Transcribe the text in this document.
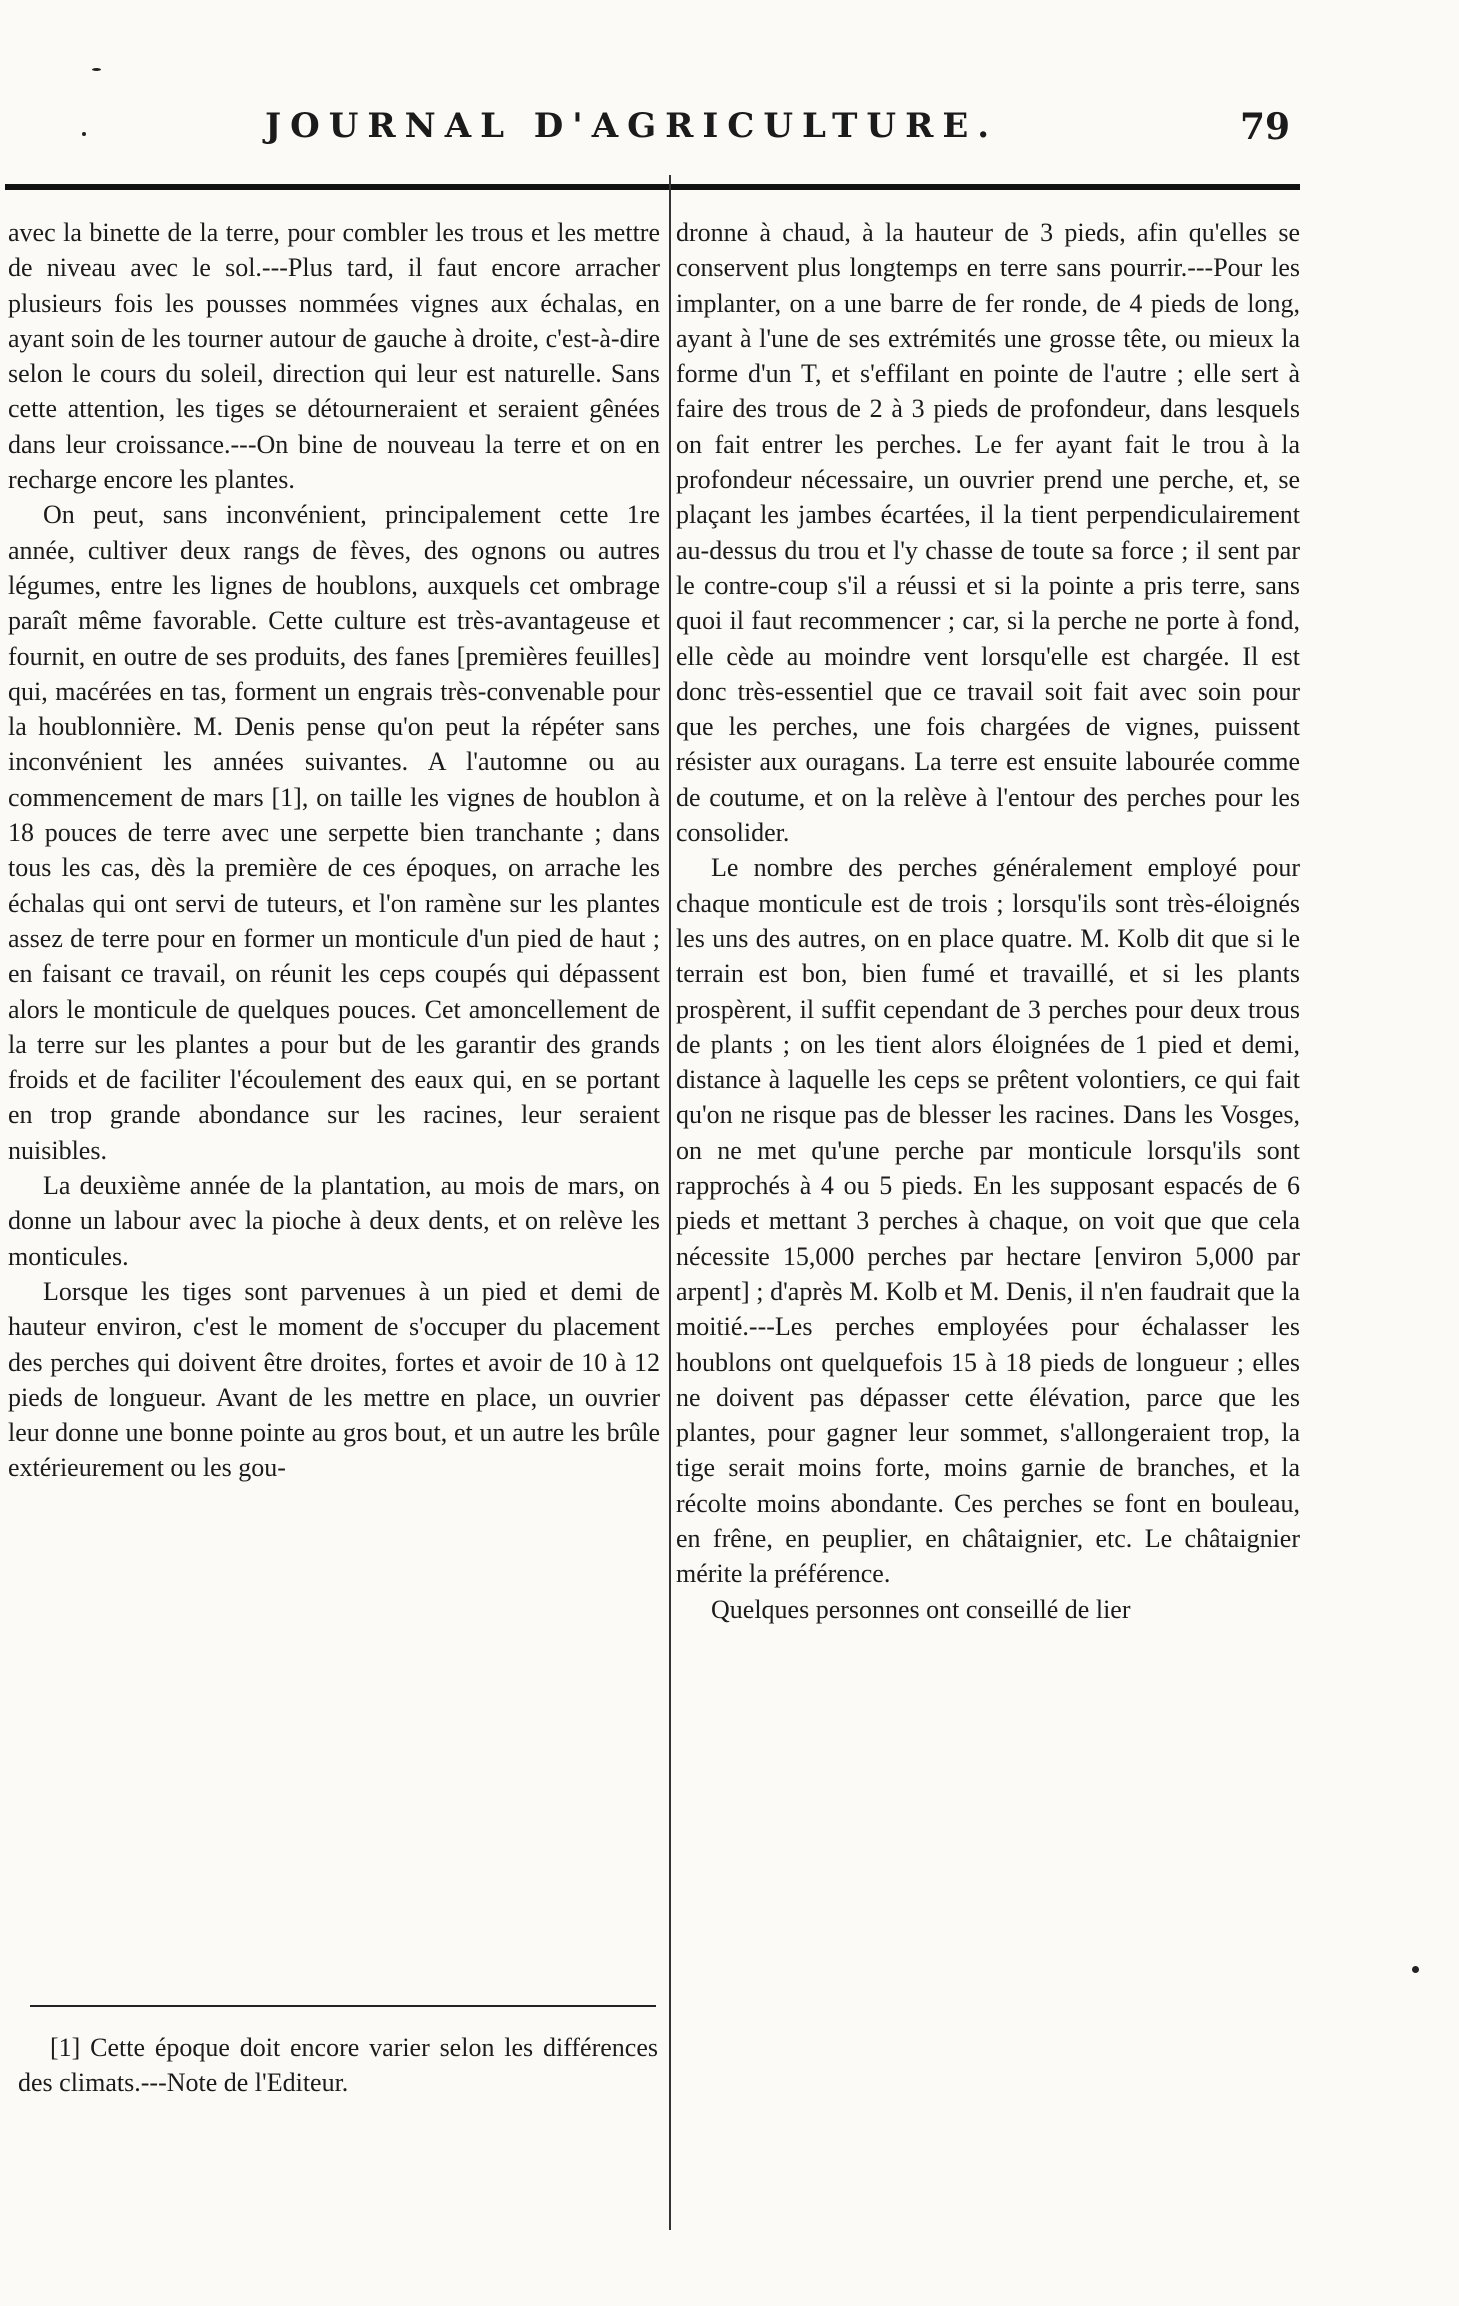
JOURNAL D'AGRICULTURE.	79

avec la binette de la terre, pour combler les trous et les mettre de niveau avec le sol.---Plus tard, il faut encore arracher plusieurs fois les pousses nommées vignes aux échalas, en ayant soin de les tourner autour de gauche à droite, c'est-à-dire selon le cours du soleil, direction qui leur est naturelle. Sans cette attention, les tiges se détourneraient et seraient gênées dans leur croissance.---On bine de nouveau la terre et on en recharge encore les plantes.

On peut, sans inconvénient, principalement cette 1re année, cultiver deux rangs de fèves, des ognons ou autres légumes, entre les lignes de houblons, auxquels cet ombrage paraît même favorable. Cette culture est très-avantageuse et fournit, en outre de ses produits, des fanes [premières feuilles] qui, macérées en tas, forment un engrais très-convenable pour la houblonnière. M. Denis pense qu'on peut la répéter sans inconvénient les années suivantes. A l'automne ou au commencement de mars [1], on taille les vignes de houblon à 18 pouces de terre avec une serpette bien tranchante ; dans tous les cas, dès la première de ces époques, on arrache les échalas qui ont servi de tuteurs, et l'on ramène sur les plantes assez de terre pour en former un monticule d'un pied de haut ; en faisant ce travail, on réunit les ceps coupés qui dépassent alors le monticule de quelques pouces. Cet amoncellement de la terre sur les plantes a pour but de les garantir des grands froids et de faciliter l'écoulement des eaux qui, en se portant en trop grande abondance sur les racines, leur seraient nuisibles.

La deuxième année de la plantation, au mois de mars, on donne un labour avec la pioche à deux dents, et on relève les monticules.

Lorsque les tiges sont parvenues à un pied et demi de hauteur environ, c'est le moment de s'occuper du placement des perches qui doivent être droites, fortes et avoir de 10 à 12 pieds de longueur. Avant de les mettre en place, un ouvrier leur donne une bonne pointe au gros bout, et un autre les brûle extérieurement ou les gou-

[1] Cette époque doit encore varier selon les différences des climats.---Note de l'Editeur.

dronne à chaud, à la hauteur de 3 pieds, afin qu'elles se conservent plus longtemps en terre sans pourrir.---Pour les implanter, on a une barre de fer ronde, de 4 pieds de long, ayant à l'une de ses extrémités une grosse tête, ou mieux la forme d'un T, et s'effilant en pointe de l'autre ; elle sert à faire des trous de 2 à 3 pieds de profondeur, dans lesquels on fait entrer les perches. Le fer ayant fait le trou à la profondeur nécessaire, un ouvrier prend une perche, et, se plaçant les jambes écartées, il la tient perpendiculairement au-dessus du trou et l'y chasse de toute sa force ; il sent par le contre-coup s'il a réussi et si la pointe a pris terre, sans quoi il faut recommencer ; car, si la perche ne porte à fond, elle cède au moindre vent lorsqu'elle est chargée. Il est donc très-essentiel que ce travail soit fait avec soin pour que les perches, une fois chargées de vignes, puissent résister aux ouragans. La terre est ensuite labourée comme de coutume, et on la relève à l'entour des perches pour les consolider.

Le nombre des perches généralement employé pour chaque monticule est de trois ; lorsqu'ils sont très-éloignés les uns des autres, on en place quatre. M. Kolb dit que si le terrain est bon, bien fumé et travaillé, et si les plants prospèrent, il suffit cependant de 3 perches pour deux trous de plants ; on les tient alors éloignées de 1 pied et demi, distance à laquelle les ceps se prêtent volontiers, ce qui fait qu'on ne risque pas de blesser les racines. Dans les Vosges, on ne met qu'une perche par monticule lorsqu'ils sont rapprochés à 4 ou 5 pieds. En les supposant espacés de 6 pieds et mettant 3 perches à chaque, on voit que que cela nécessite 15,000 perches par hectare [environ 5,000 par arpent] ; d'après M. Kolb et M. Denis, il n'en faudrait que la moitié.---Les perches employées pour échalasser les houblons ont quelquefois 15 à 18 pieds de longueur ; elles ne doivent pas dépasser cette élévation, parce que les plantes, pour gagner leur sommet, s'allongeraient trop, la tige serait moins forte, moins garnie de branches, et la récolte moins abondante. Ces perches se font en bouleau, en frêne, en peuplier, en châtaignier, etc. Le châtaignier mérite la préférence.

Quelques personnes ont conseillé de lier
